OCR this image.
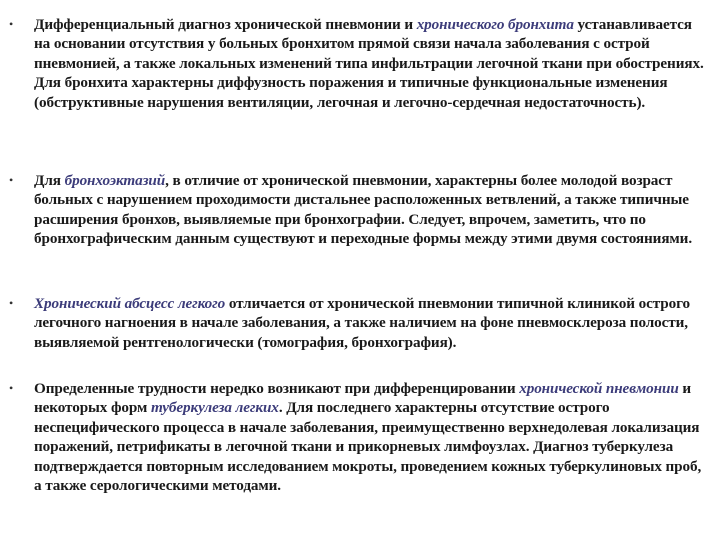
• Дифференциальный диагноз хронической пневмонии и хронического бронхита устанавливается на основании отсутствия у больных бронхитом прямой связи начала заболевания с острой пневмонией, а также локальных изменений типа инфильтрации легочной ткани при обострениях. Для бронхита характерны диффузность поражения и типичные функциональные изменения (обструктивные нарушения вентиляции, легочная и легочно-сердечная недостаточность).
• Для бронхоэктазий, в отличие от хронической пневмонии, характерны более молодой возраст больных с нарушением проходимости дистальнее расположенных ветвлений, а также типичные расширения бронхов, выявляемые при бронхографии. Следует, впрочем, заметить, что по бронхографическим данным существуют и переходные формы между этими двумя состояниями.
• Хронический абсцесс легкого отличается от хронической пневмонии типичной клиникой острого легочного нагноения в начале заболевания, а также наличием на фоне пневмосклероза полости, выявляемой рентгенологически (томография, бронхография).
• Определенные трудности нередко возникают при дифференцировании хронической пневмонии и некоторых форм туберкулеза легких. Для последнего характерны отсутствие острого неспецифического процесса в начале заболевания, преимущественно верхнедолевая локализация поражений, петрификаты в легочной ткани и прикорневых лимфоузлах. Диагноз туберкулеза подтверждается повторным исследованием мокроты, проведением кожных туберкулиновых проб, а также серологическими методами.
